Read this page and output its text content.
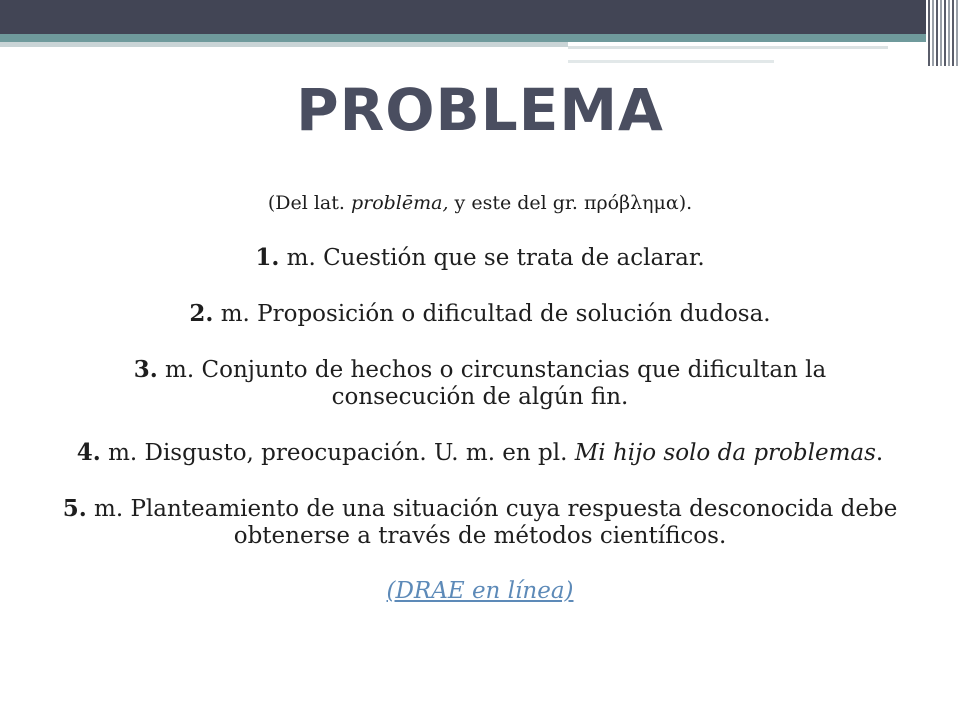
PROBLEMA

(Del lat. problēma, y este del gr. πρόβλημα).

1. m. Cuestión que se trata de aclarar.

2. m. Proposición o dificultad de solución dudosa.

3. m. Conjunto de hechos o circunstancias que dificultan la consecución de algún fin.

4. m. Disgusto, preocupación. U. m. en pl. Mi hijo solo da problemas.

5. m. Planteamiento de una situación cuya respuesta desconocida debe obtenerse a través de métodos científicos.

(DRAE en línea)
